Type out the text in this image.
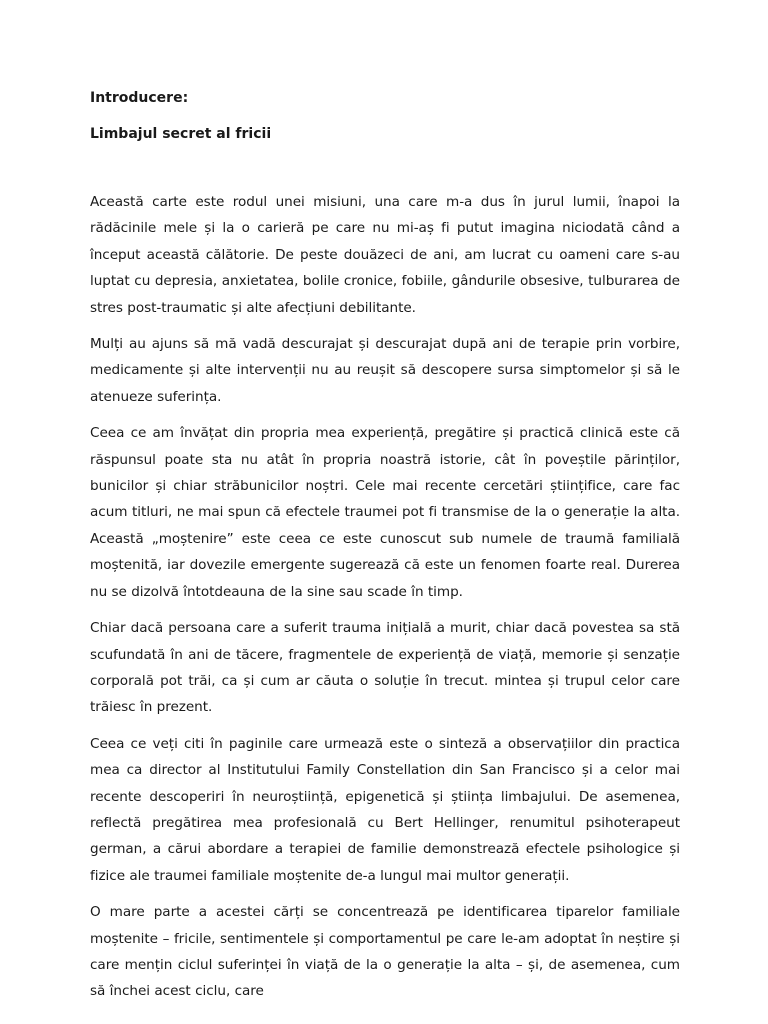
Introducere:

Limbajul secret al fricii

Această carte este rodul unei misiuni, una care m-a dus în jurul lumii, înapoi la rădăcinile mele și la o carieră pe care nu mi-aș fi putut imagina niciodată când a început această călătorie. De peste douăzeci de ani, am lucrat cu oameni care s-au luptat cu depresia, anxietatea, bolile cronice, fobiile, gândurile obsesive, tulburarea de stres post-traumatic și alte afecțiuni debilitante.

Mulți au ajuns să mă vadă descurajat și descurajat după ani de terapie prin vorbire, medicamente și alte intervenții nu au reușit să descopere sursa simptomelor și să le atenueze suferința.

Ceea ce am învățat din propria mea experiență, pregătire și practică clinică este că răspunsul poate sta nu atât în propria noastră istorie, cât în poveștile părinților, bunicilor și chiar străbunicilor noștri. Cele mai recente cercetări științifice, care fac acum titluri, ne mai spun că efectele traumei pot fi transmise de la o generație la alta. Această „moștenire” este ceea ce este cunoscut sub numele de traumă familială moștenită, iar dovezile emergente sugerează că este un fenomen foarte real. Durerea nu se dizolvă întotdeauna de la sine sau scade în timp.

Chiar dacă persoana care a suferit trauma inițială a murit, chiar dacă povestea sa stă scufundată în ani de tăcere, fragmentele de experiență de viață, memorie și senzație corporală pot trăi, ca și cum ar căuta o soluție în trecut. mintea și trupul celor care trăiesc în prezent.

Ceea ce veți citi în paginile care urmează este o sinteză a observațiilor din practica mea ca director al Institutului Family Constellation din San Francisco și a celor mai recente descoperiri în neuroștiință, epigenetică și știința limbajului. De asemenea, reflectă pregătirea mea profesională cu Bert Hellinger, renumitul psihoterapeut german, a cărui abordare a terapiei de familie demonstrează efectele psihologice și fizice ale traumei familiale moștenite de-a lungul mai multor generații.

O mare parte a acestei cărți se concentrează pe identificarea tiparelor familiale moștenite – fricile, sentimentele și comportamentul pe care le-am adoptat în neștire și care mențin ciclul suferinței în viață de la o generație la alta – și, de asemenea, cum să închei acest ciclu, care
